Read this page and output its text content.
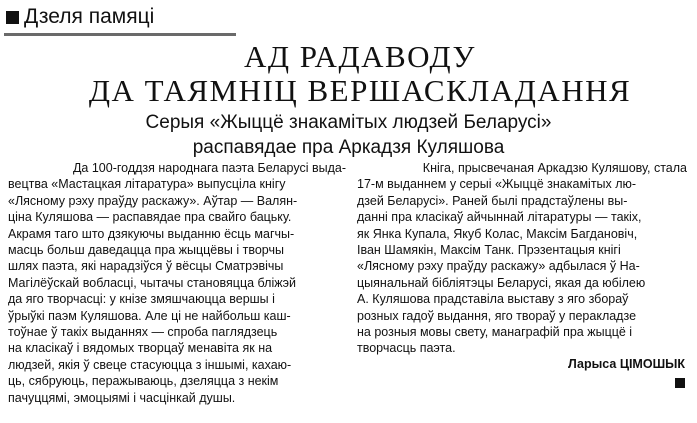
Дзеля памяці
АД РАДАВОДУ
ДА ТАЯМНІЦ ВЕРШАСКЛАДАННЯ
Серыя «Жыццё знакамітых людзей Беларусі»
распавядае пра Аркадзя Куляшова
Да 100-годдзя народнага паэта Беларусі выда-
вецтва «Мастацкая літаратура» выпусціла кнігу
«Лясному рэху праўду раскажу». Аўтар — Валян-
ціна Куляшова — распавядае пра свайго бацьку.
Акрамя таго што дзякуючы выданню ёсць магчы-
масць больш даведацца пра жыццёвы і творчы
шлях паэта, які нарадзіўся ў вёсцы Сматрэвічы
Магілёўскай вобласці, чытачы становяцца бліжэй
да яго творчасці: у кнізе змяшчаюцца вершы і
ўрыўкі паэм Куляшова. Але ці не найбольш каш-
тоўнае ў такіх выданнях — спроба паглядзець
на класікаў і вядомых творцаў менавіта як на
людзей, якія ў свеце стасуюцца з іншымі, кахаю-
ць, сябруюць, перажываюць, дзеляцца з некім
пачуццямі, эмоцыямі і часцінкай душы.
Кніга, прысвечаная Аркадзю Куляшову, стала
17-м выданнем у серыі «Жыццё знакамітых лю-
дзей Беларусі». Раней былі прадстаўлены вы-
данні пра класікаў айчыннай літаратуры — такіх,
як Янка Купала, Якуб Колас, Максім Багдановіч,
Іван Шамякін, Максім Танк. Прэзентацыя кнігі
«Лясному рэху праўду раскажу» адбылася ў На-
цыянальнай бібліятэцы Беларусі, якая да юбілею
А. Куляшова прадставіла выставу з яго зборaў
розных гадоў выдання, яго твораў у перакладзе
на розныя мовы свету, манаграфій пра жыццё і
творчасць паэта.
Ларыса ЦІМОШЫК
